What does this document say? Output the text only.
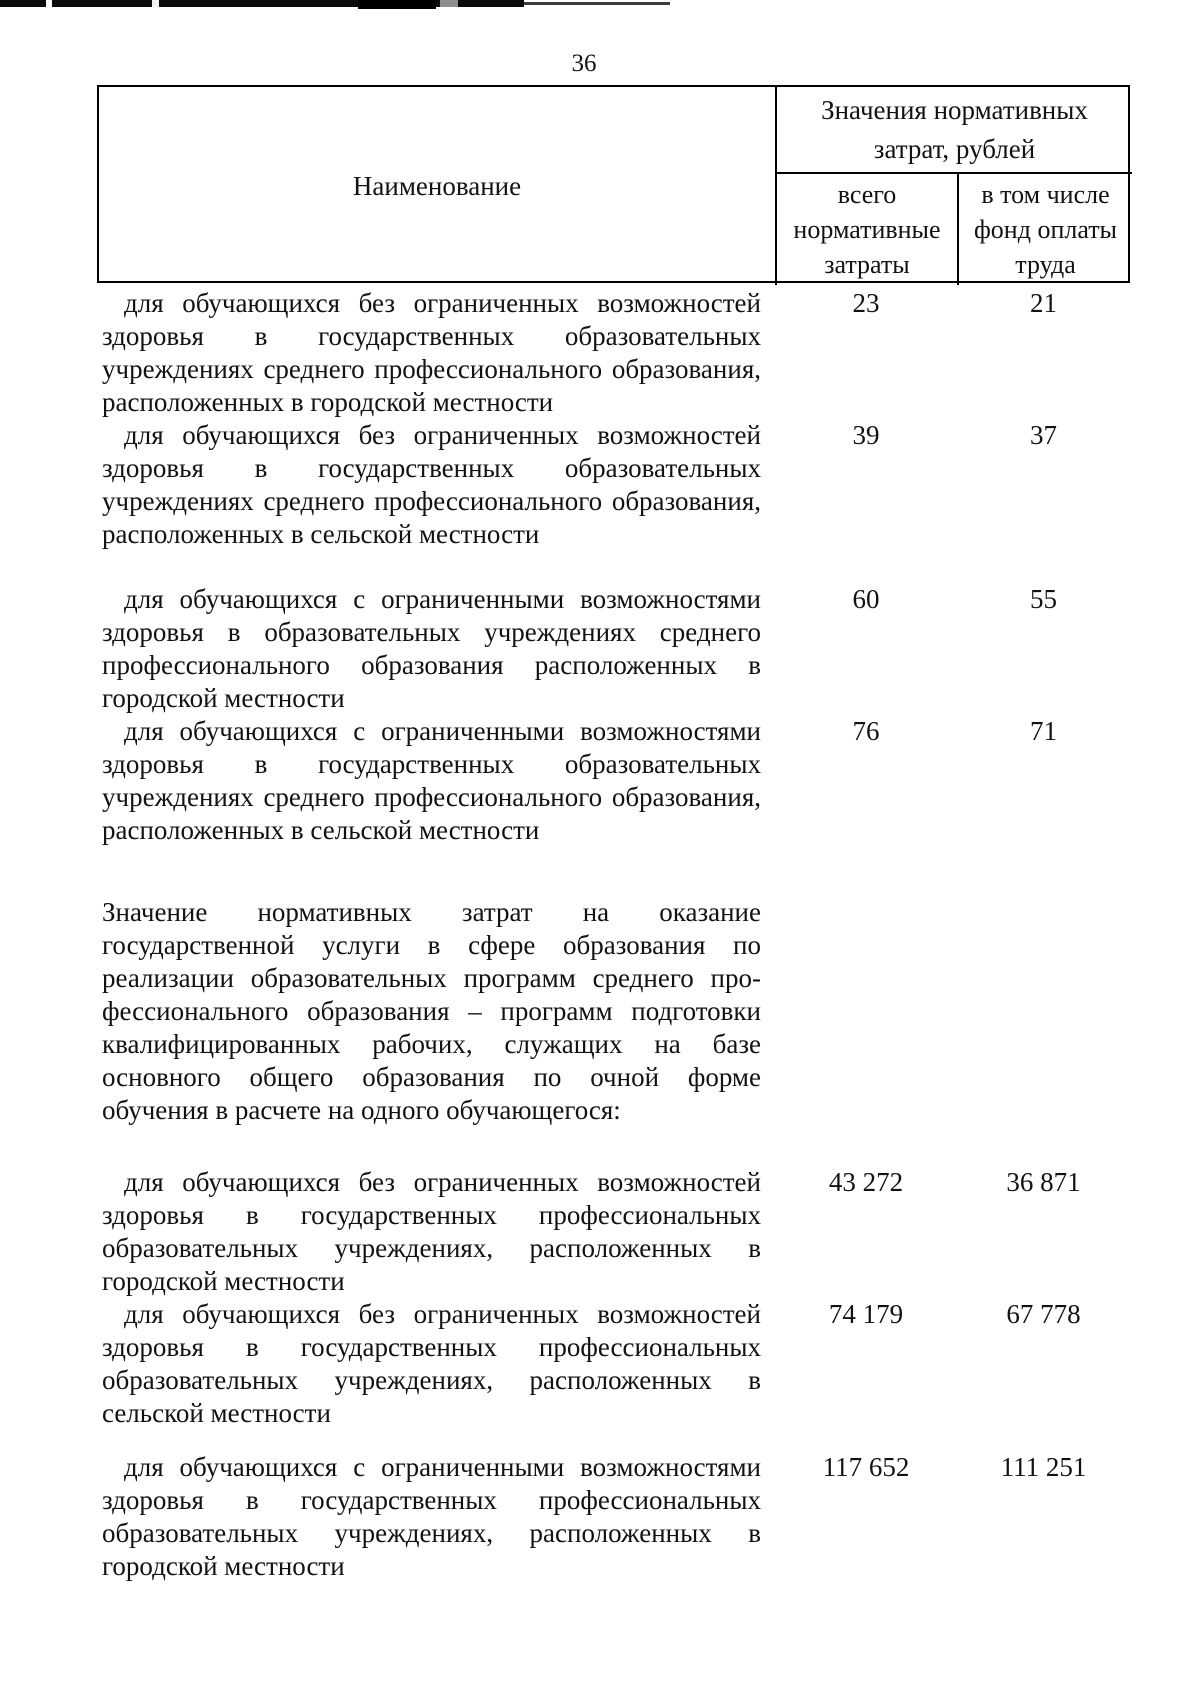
36
Наименование
Значения нормативных затрат, рублей
всего нормативные затраты
в том числе фонд оплаты труда
для обучающихся без ограниченных возможностей здоровья в государственных образовательных учреждениях среднего профессионального образования, расположенных в городской местности
23	21
для обучающихся без ограниченных возможностей здоровья в государственных образовательных учреждениях среднего профессионального образования, расположенных в сельской местности
39	37
для обучающихся с ограниченными возможностями здоровья в образовательных учреждениях среднего профессионального образования расположенных в городской местности
60	55
для обучающихся с ограниченными возможностями здоровья в государственных образовательных учреждениях среднего профессионального образования, расположенных в сельской местности
76	71
Значение нормативных затрат на оказание государственной услуги в сфере образования по реализации образовательных программ среднего профессионального образования – программ подготовки квалифицированных рабочих, служащих на базе основного общего образования по очной форме обучения в расчете на одного обучающегося:
для обучающихся без ограниченных возможностей здоровья в государственных профессиональных образовательных учреждениях, расположенных в городской местности
43 272	36 871
для обучающихся без ограниченных возможностей здоровья в государственных профессиональных образовательных учреждениях, расположенных в сельской местности
74 179	67 778
для обучающихся с ограниченными возможностями здоровья в государственных профессиональных образовательных учреждениях, расположенных в городской местности
117 652	111 251
